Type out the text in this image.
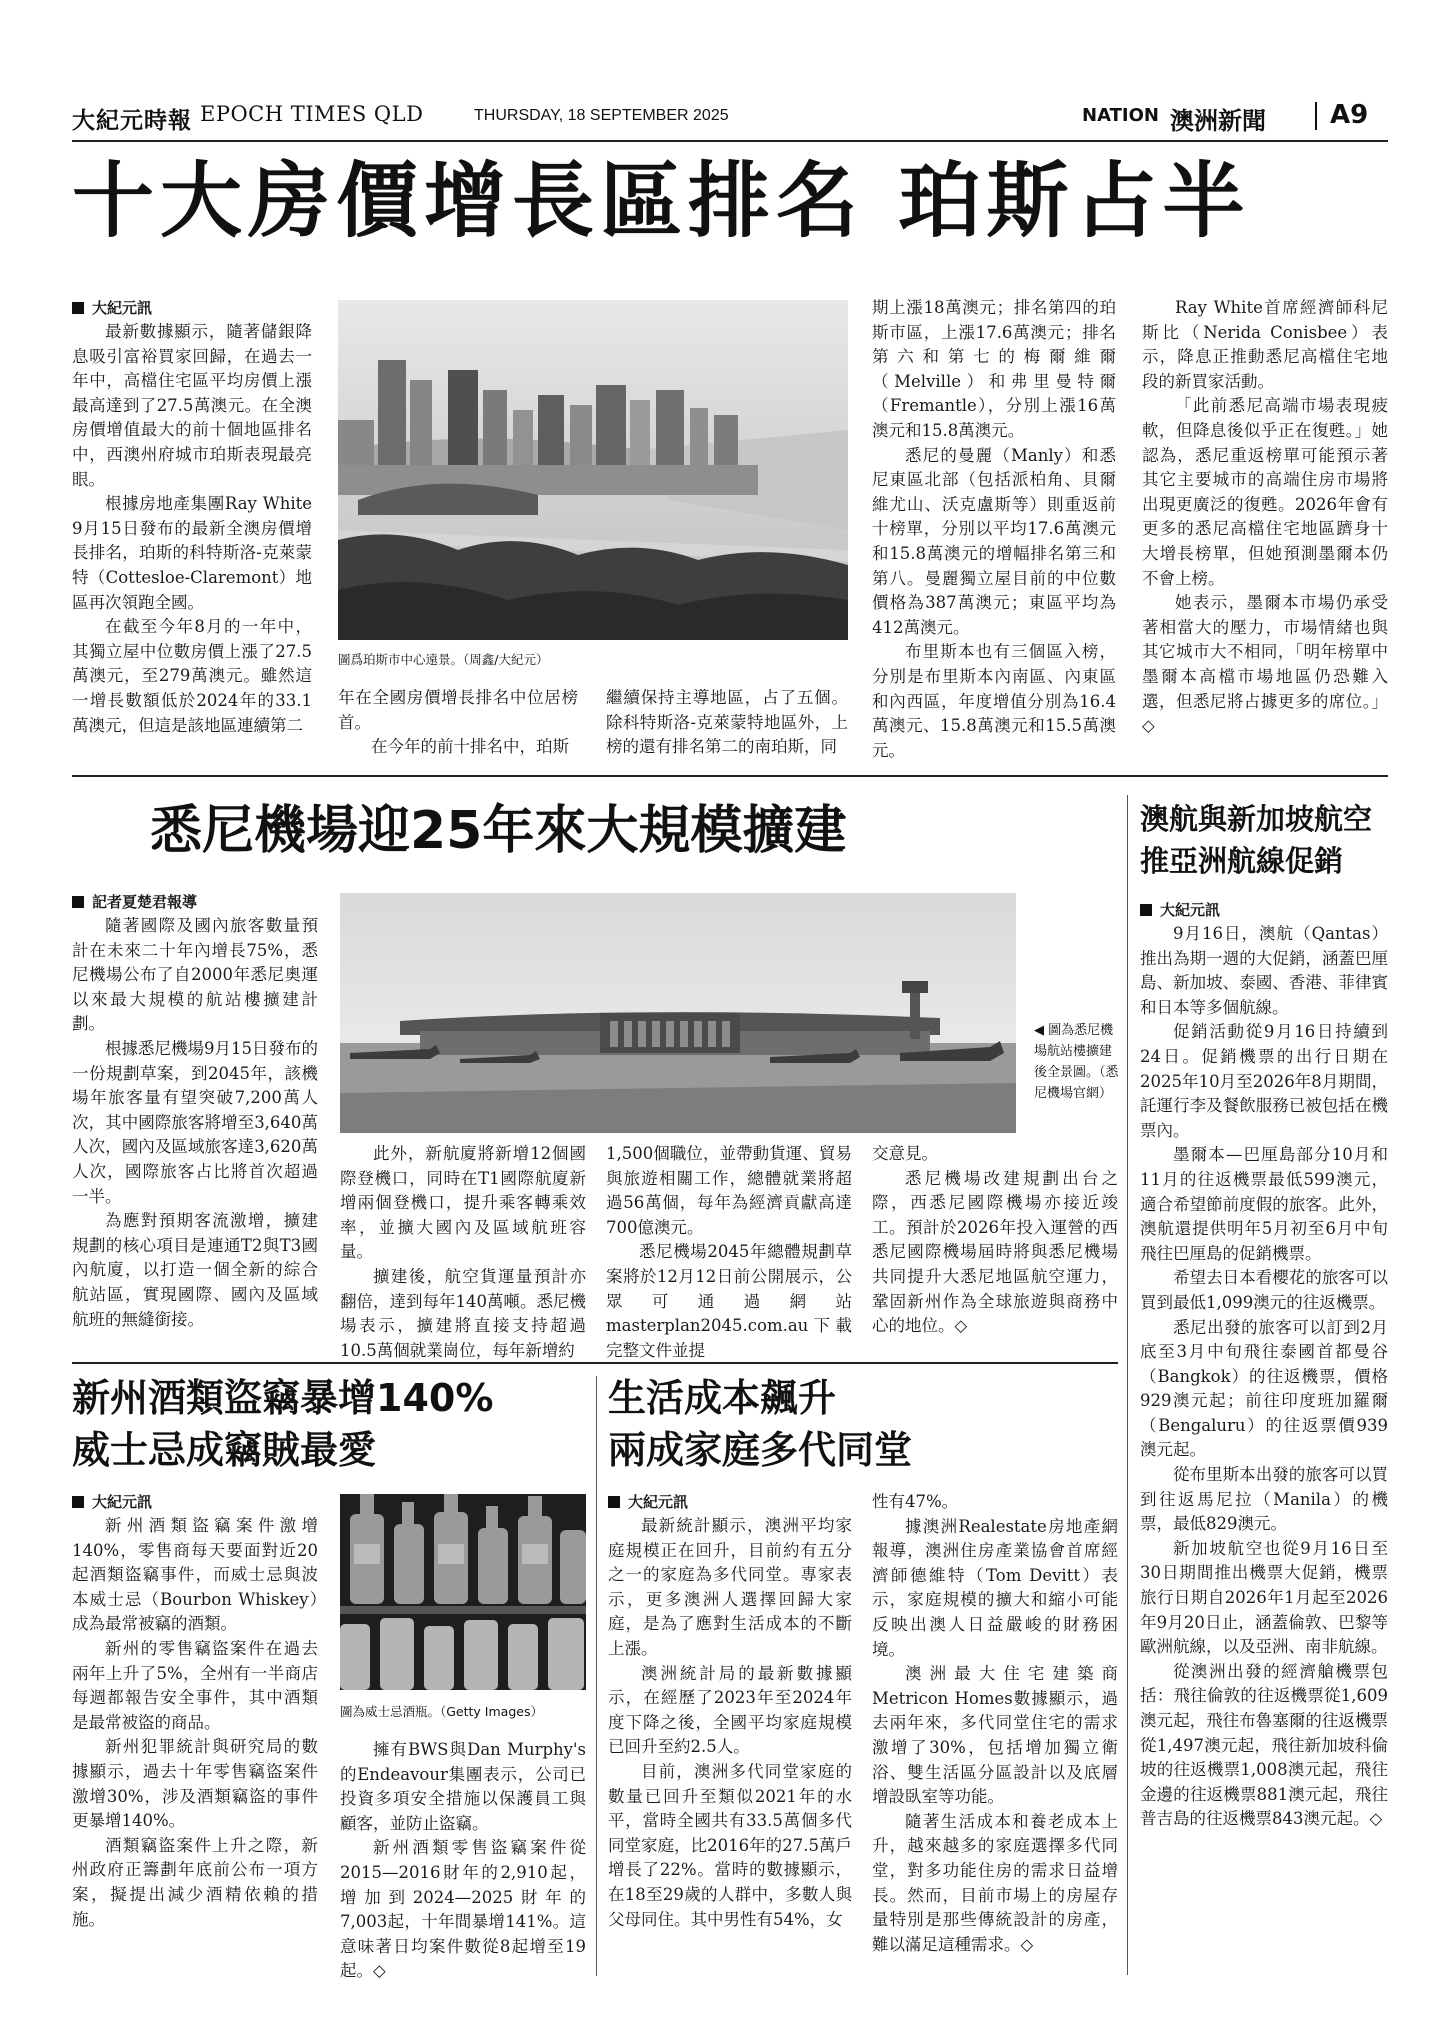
大紀元時報 EPOCH TIMES QLD	THURSDAY, 18 SEPTEMBER 2025	NATION 澳洲新聞 A9
十大房價增長區排名 珀斯占半
大紀元訊

最新數據顯示，隨著儲銀降息吸引富裕買家回歸，在過去一年中，高檔住宅區平均房價上漲最高達到了27.5萬澳元。在全澳房價增值最大的前十個地區排名中，西澳州府城市珀斯表現最亮眼。

根據房地產集團Ray White 9月15日發布的最新全澳房價增長排名，珀斯的科特斯洛-克萊蒙特（Cottesloe-Claremont）地區再次領跑全國。

在截至今年8月的一年中，其獨立屋中位數房價上漲了27.5萬澳元，至279萬澳元。雖然這一增長數額低於2024年的33.1萬澳元，但這是該地區連續第二

圖爲珀斯市中心遠景。（周鑫/大紀元）

年在全國房價增長排名中位居榜首。

在今年的前十排名中，珀斯

繼續保持主導地區，占了五個。除科特斯洛-克萊蒙特地區外，上榜的還有排名第二的南珀斯，同

期上漲18萬澳元；排名第四的珀斯市區，上漲17.6萬澳元；排名第六和第七的梅爾維爾（Melville）和弗里曼特爾（Fremantle），分別上漲16萬澳元和15.8萬澳元。

悉尼的曼麗（Manly）和悉尼東區北部（包括派柏角、貝爾維尤山、沃克盧斯等）則重返前十榜單，分別以平均17.6萬澳元和15.8萬澳元的增幅排名第三和第八。曼麗獨立屋目前的中位數價格為387萬澳元；東區平均為412萬澳元。

布里斯本也有三個區入榜，分別是布里斯本內南區、內東區和內西區，年度增值分別為16.4萬澳元、15.8萬澳元和15.5萬澳元。

Ray White首席經濟師科尼斯比（Nerida Conisbee）表示，降息正推動悉尼高檔住宅地段的新買家活動。

「此前悉尼高端市場表現疲軟，但降息後似乎正在復甦。」她認為，悉尼重返榜單可能預示著其它主要城市的高端住房市場將出現更廣泛的復甦。2026年會有更多的悉尼高檔住宅地區躋身十大增長榜單，但她預測墨爾本仍不會上榜。

她表示，墨爾本市場仍承受著相當大的壓力，市場情緒也與其它城市大不相同，「明年榜單中墨爾本高檔市場地區仍恐難入選，但悉尼將占據更多的席位。」◇

悉尼機場迎25年來大規模擴建
記者夏楚君報導

隨著國際及國內旅客數量預計在未來二十年內增長75%，悉尼機場公布了自2000年悉尼奧運以來最大規模的航站樓擴建計劃。

根據悉尼機場9月15日發布的一份規劃草案，到2045年，該機場年旅客量有望突破7,200萬人次，其中國際旅客將增至3,640萬人次，國內及區域旅客達3,620萬人次，國際旅客占比將首次超過一半。

為應對預期客流激增，擴建規劃的核心項目是連通T2與T3國內航廈，以打造一個全新的綜合航站區，實現國際、國內及區域航班的無縫銜接。

◀ 圖為悉尼機場航站樓擴建後全景圖。（悉尼機場官網）

此外，新航廈將新增12個國際登機口，同時在T1國際航廈新增兩個登機口，提升乘客轉乘效率，並擴大國內及區域航班容量。

擴建後，航空貨運量預計亦翻倍，達到每年140萬噸。悉尼機場表示，擴建將直接支持超過10.5萬個就業崗位，每年新增約

1,500個職位，並帶動貨運、貿易與旅遊相關工作，總體就業將超過56萬個，每年為經濟貢獻高達700億澳元。

悉尼機場2045年總體規劃草案將於12月12日前公開展示，公眾可通過網站masterplan2045.com.au下載完整文件並提

交意見。

悉尼機場改建規劃出台之際，西悉尼國際機場亦接近竣工。預計於2026年投入運營的西悉尼國際機場屆時將與悉尼機場共同提升大悉尼地區航空運力，鞏固新州作為全球旅遊與商務中心的地位。◇

新州酒類盜竊暴增140%
威士忌成竊賊最愛
大紀元訊

新州酒類盜竊案件激增140%，零售商每天要面對近20起酒類盜竊事件，而威士忌與波本威士忌（Bourbon Whiskey）成為最常被竊的酒類。

新州的零售竊盜案件在過去兩年上升了5%，全州有一半商店每週都報告安全事件，其中酒類是最常被盜的商品。

新州犯罪統計與研究局的數據顯示，過去十年零售竊盜案件激增30%，涉及酒類竊盜的事件更暴增140%。

酒類竊盜案件上升之際，新州政府正籌劃年底前公布一項方案，擬提出減少酒精依賴的措施。

圖為威士忌酒瓶。（Getty Images）

擁有BWS與Dan Murphy's的Endeavour集團表示，公司已投資多項安全措施以保護員工與顧客，並防止盜竊。

新州酒類零售盜竊案件從2015—2016財年的2,910起，增加到2024—2025財年的7,003起，十年間暴增141%。這意味著日均案件數從8起增至19起。◇

生活成本飆升
兩成家庭多代同堂
大紀元訊

最新統計顯示，澳洲平均家庭規模正在回升，目前約有五分之一的家庭為多代同堂。專家表示，更多澳洲人選擇回歸大家庭，是為了應對生活成本的不斷上漲。

澳洲統計局的最新數據顯示，在經歷了2023年至2024年度下降之後，全國平均家庭規模已回升至約2.5人。

目前，澳洲多代同堂家庭的數量已回升至類似2021年的水平，當時全國共有33.5萬個多代同堂家庭，比2016年的27.5萬戶增長了22%。當時的數據顯示，在18至29歲的人群中，多數人與父母同住。其中男性有54%，女

性有47%。

據澳洲Realestate房地產網報導，澳洲住房產業協會首席經濟師德維特（Tom Devitt）表示，家庭規模的擴大和縮小可能反映出澳人日益嚴峻的財務困境。

澳洲最大住宅建築商Metricon Homes數據顯示，過去兩年來，多代同堂住宅的需求激增了30%，包括增加獨立衛浴、雙生活區分區設計以及底層增設臥室等功能。

隨著生活成本和養老成本上升，越來越多的家庭選擇多代同堂，對多功能住房的需求日益增長。然而，目前市場上的房屋存量特別是那些傳統設計的房產，難以滿足這種需求。◇

澳航與新加坡航空
推亞洲航線促銷
大紀元訊

9月16日，澳航（Qantas）推出為期一週的大促銷，涵蓋巴厘島、新加坡、泰國、香港、菲律賓和日本等多個航線。

促銷活動從9月16日持續到24日。促銷機票的出行日期在2025年10月至2026年8月期間，託運行李及餐飲服務已被包括在機票內。

墨爾本—巴厘島部分10月和11月的往返機票最低599澳元，適合希望節前度假的旅客。此外，澳航還提供明年5月初至6月中旬飛往巴厘島的促銷機票。

希望去日本看櫻花的旅客可以買到最低1,099澳元的往返機票。

悉尼出發的旅客可以訂到2月底至3月中旬飛往泰國首都曼谷（Bangkok）的往返機票，價格929澳元起；前往印度班加羅爾（Bengaluru）的往返票價939澳元起。

從布里斯本出發的旅客可以買到往返馬尼拉（Manila）的機票，最低829澳元。

新加坡航空也從9月16日至30日期間推出機票大促銷，機票旅行日期自2026年1月起至2026年9月20日止，涵蓋倫敦、巴黎等歐洲航線，以及亞洲、南非航線。

從澳洲出發的經濟艙機票包括：飛往倫敦的往返機票從1,609澳元起，飛往布魯塞爾的往返機票從1,497澳元起，飛往新加坡科倫坡的往返機票1,008澳元起，飛往金邊的往返機票881澳元起，飛往普吉島的往返機票843澳元起。◇
